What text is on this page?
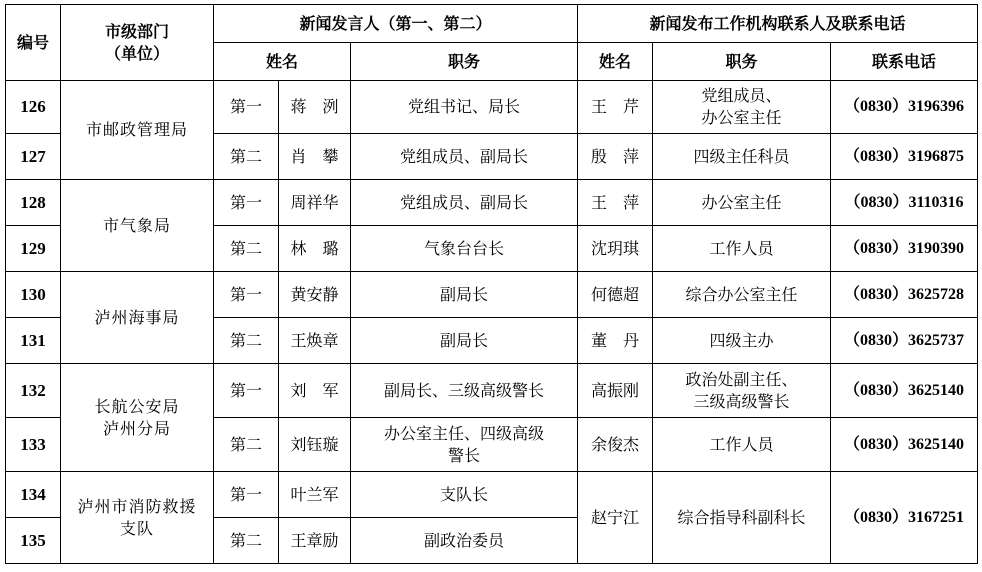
编号	市级部门
（单位）	新闻发言人（第一、第二）			新闻发布工作机构联系人及联系电话		
		姓名		职务	姓名	职务	联系电话
126	市邮政管理局	第一	蒋　洌	党组书记、局长	王　芹	党组成员、
办公室主任	（0830）3196396
127		第二	肖　攀	党组成员、副局长	殷　萍	四级主任科员	（0830）3196875
128	市气象局	第一	周祥华	党组成员、副局长	王　萍	办公室主任	（0830）3110316
129		第二	林　璐	气象台台长	沈玥琪	工作人员	（0830）3190390
130	泸州海事局	第一	黄安静	副局长	何德超	综合办公室主任	（0830）3625728
131		第二	王焕章	副局长	董　丹	四级主办	（0830）3625737
132	长航公安局
泸州分局	第一	刘　军	副局长、三级高级警长	高振刚	政治处副主任、
三级高级警长	（0830）3625140
133		第二	刘钰璇	办公室主任、四级高级
警长	余俊杰	工作人员	（0830）3625140
134	泸州市消防救援
支队	第一	叶兰军	支队长	赵宁江	综合指导科副科长	（0830）3167251
135		第二	王章励	副政治委员			
